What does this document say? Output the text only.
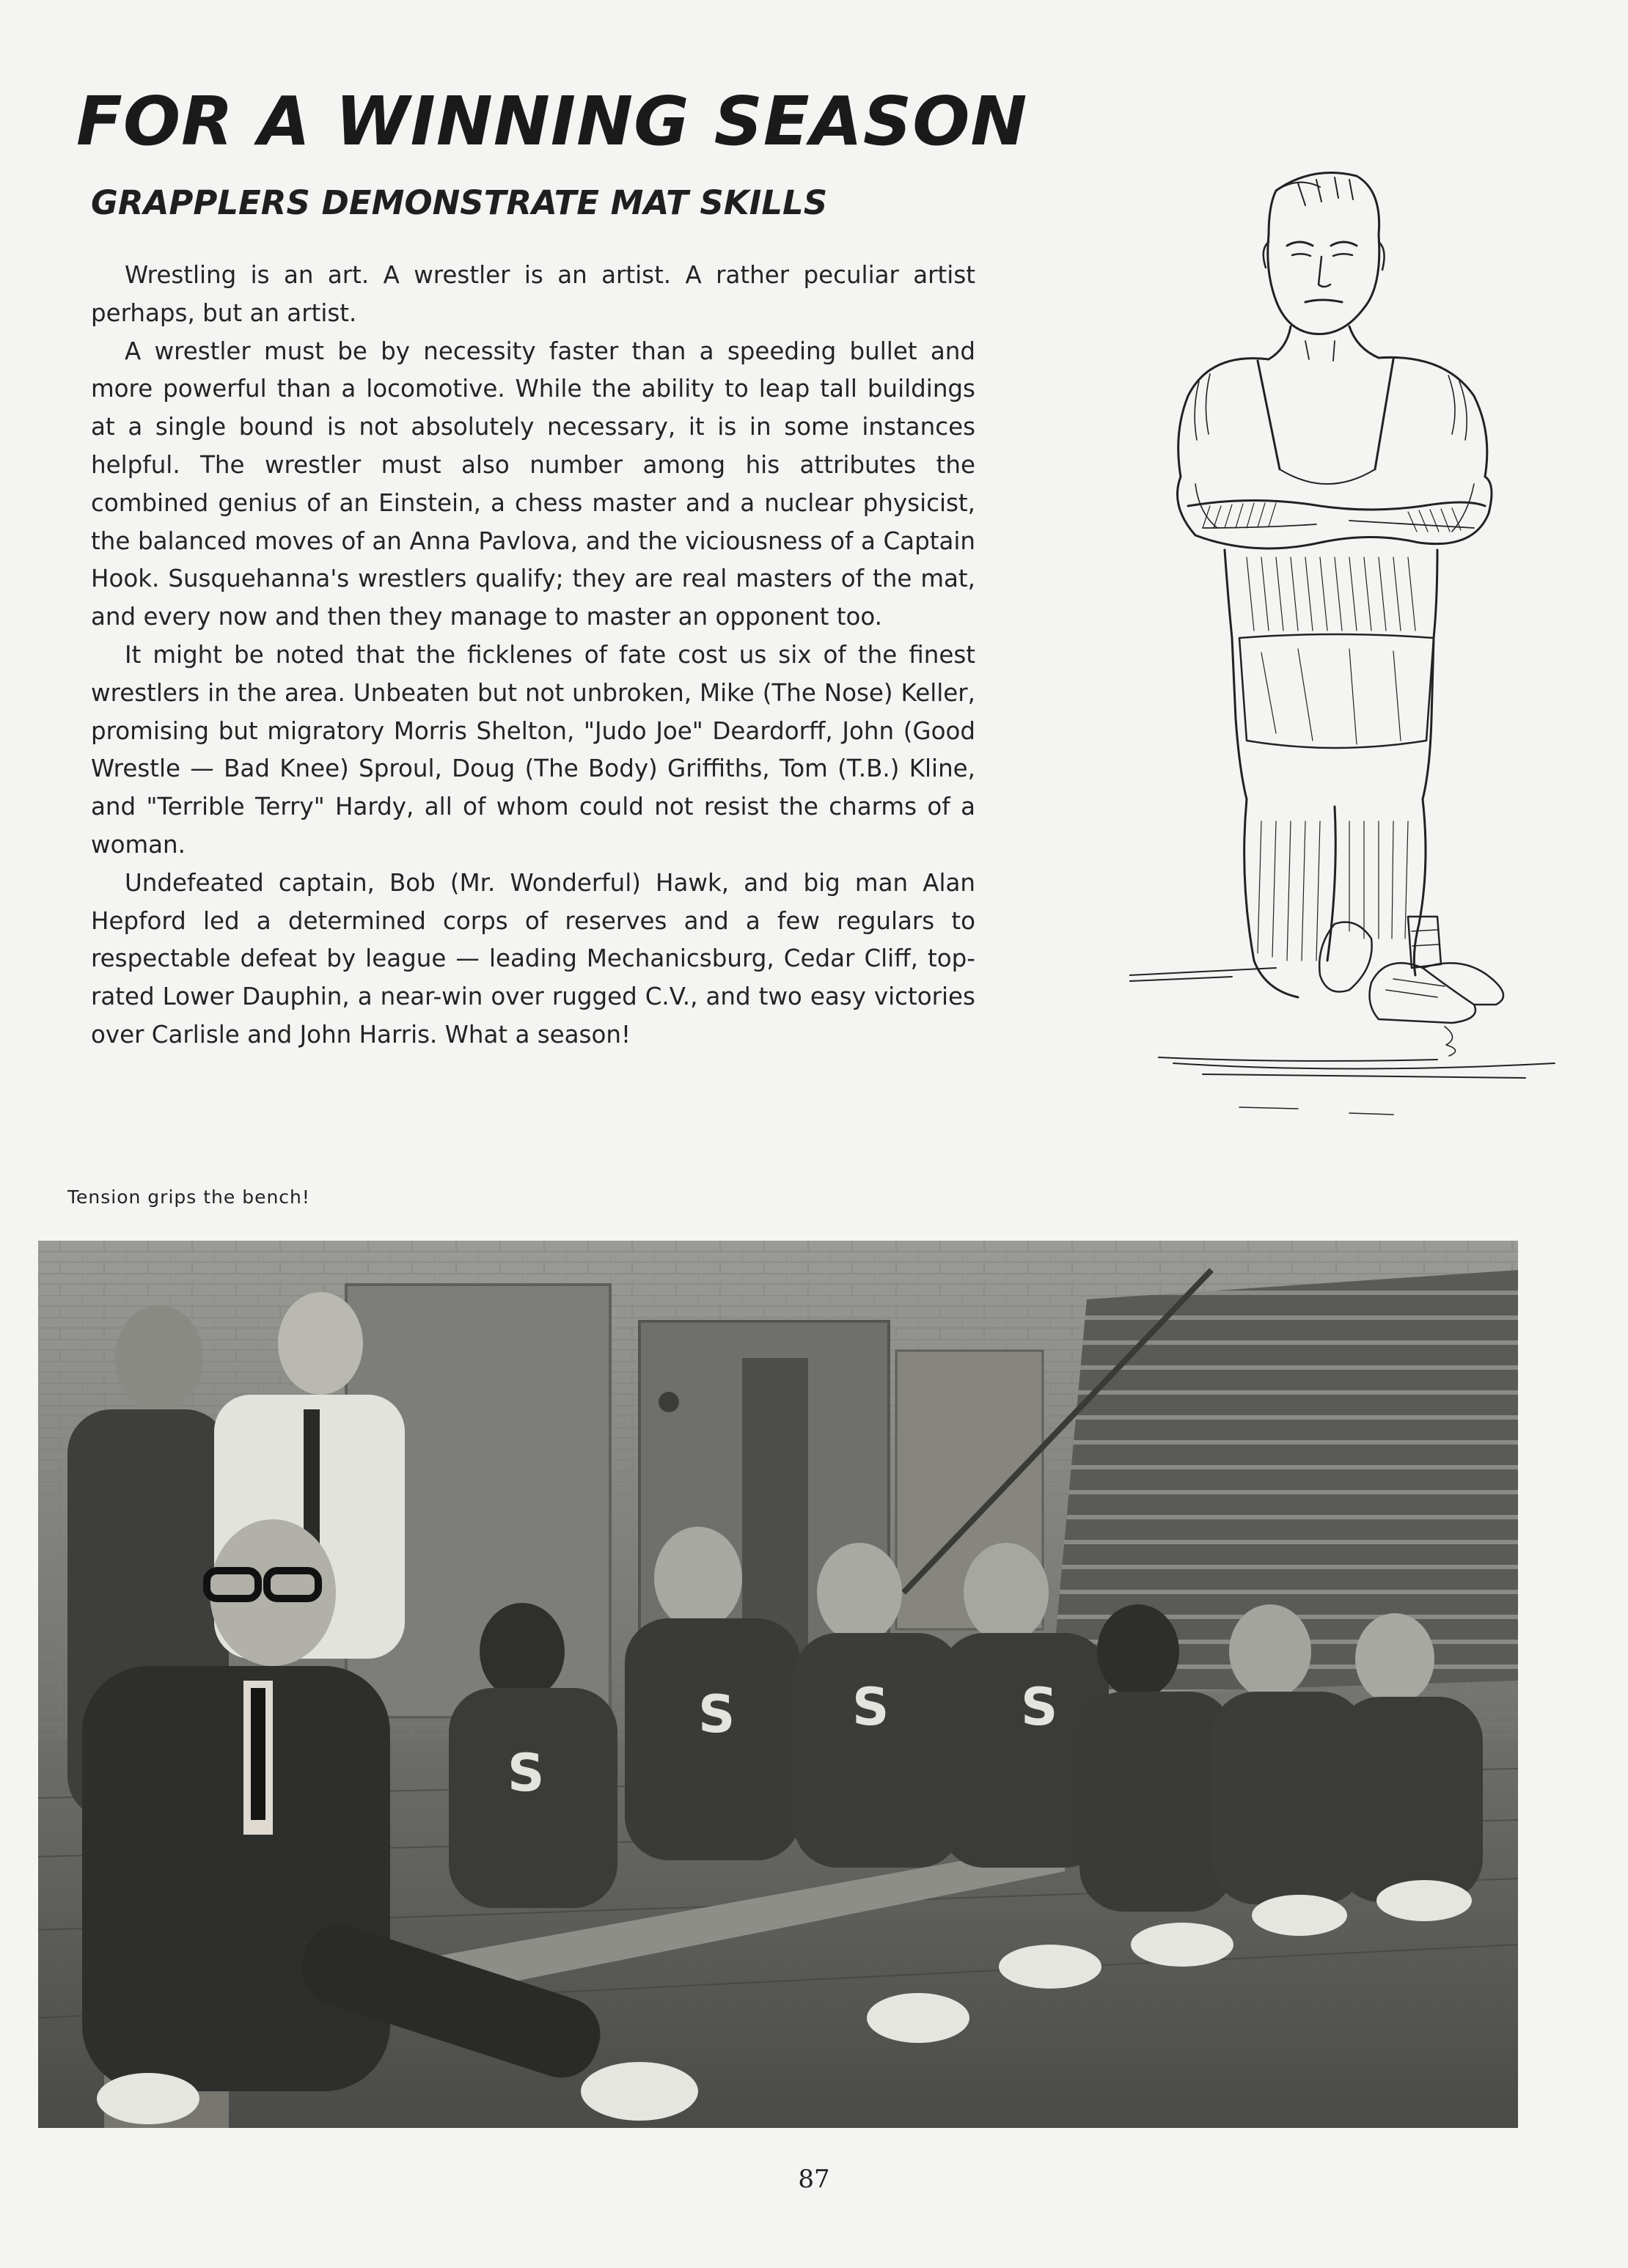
FOR A WINNING SEASON
GRAPPLERS DEMONSTRATE MAT SKILLS

Wrestling is an art. A wrestler is an artist. A rather peculiar artist perhaps, but an artist.

A wrestler must be by necessity faster than a speeding bullet and more powerful than a locomotive. While the ability to leap tall buildings at a single bound is not absolutely necessary, it is in some instances helpful. The wrestler must also number among his attributes the combined genius of an Einstein, a chess master and a nuclear physicist, the balanced moves of an Anna Pavlova, and the viciousness of a Captain Hook. Susquehanna's wrestlers qualify; they are real masters of the mat, and every now and then they manage to master an opponent too.

It might be noted that the ficklenes of fate cost us six of the finest wrestlers in the area. Unbeaten but not unbroken, Mike (The Nose) Keller, promising but migratory Morris Shelton, "Judo Joe" Deardorff, John (Good Wrestle — Bad Knee) Sproul, Doug (The Body) Griffiths, Tom (T.B.) Kline, and "Terrible Terry" Hardy, all of whom could not resist the charms of a woman.

Undefeated captain, Bob (Mr. Wonderful) Hawk, and big man Alan Hepford led a determined corps of reserves and a few regulars to respectable defeat by league — leading Mechanicsburg, Cedar Cliff, top-rated Lower Dauphin, a near-win over rugged C.V., and two easy victories over Carlisle and John Harris. What a season!

Tension grips the bench!
S
S S	S
87
